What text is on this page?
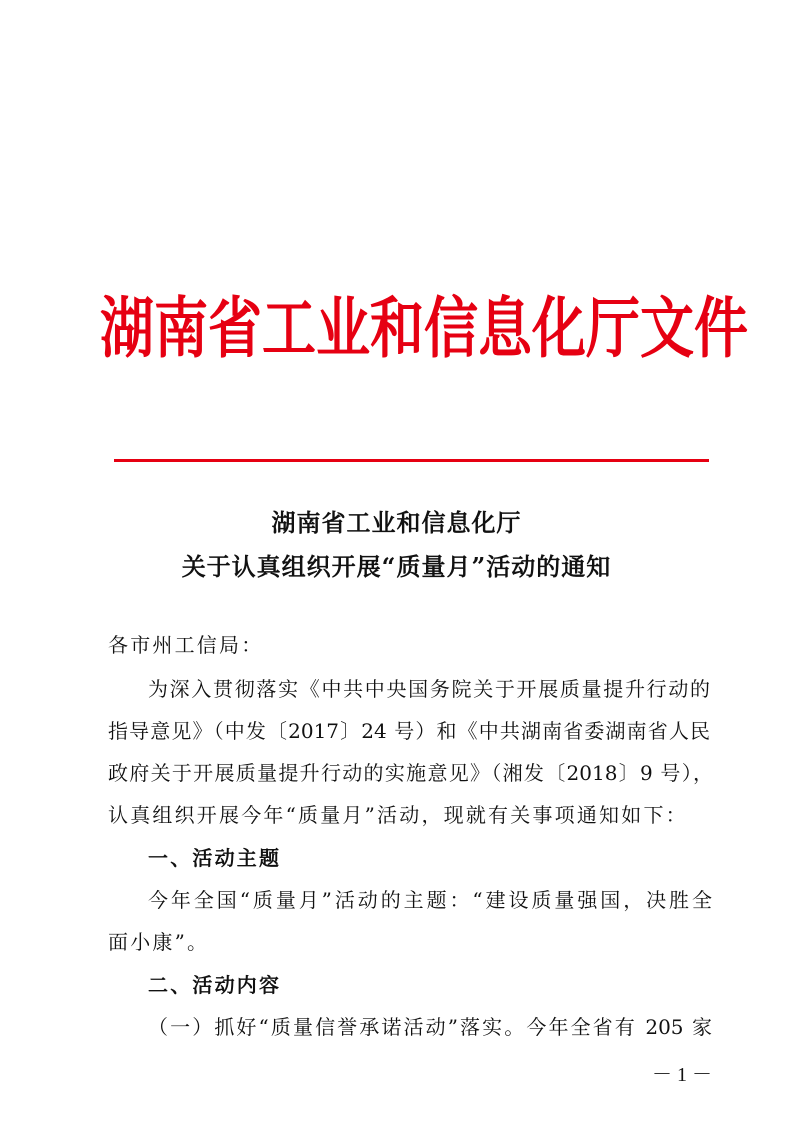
湖南省工业和信息化厅文件
湖南省工业和信息化厅
关于认真组织开展“质量月”活动的通知
各市州工信局：
为深入贯彻落实《中共中央国务院关于开展质量提升行动的
指导意见》（中发〔2017〕24 号）和《中共湖南省委湖南省人民
政府关于开展质量提升行动的实施意见》（湘发〔2018〕9 号），
认真组织开展今年“质量月”活动，现就有关事项通知如下：
一、活动主题
今年全国“质量月”活动的主题：“建设质量强国，决胜全
面小康”。
二、活动内容
（一）抓好“质量信誉承诺活动”落实。今年全省有 205 家
－ 1 －
